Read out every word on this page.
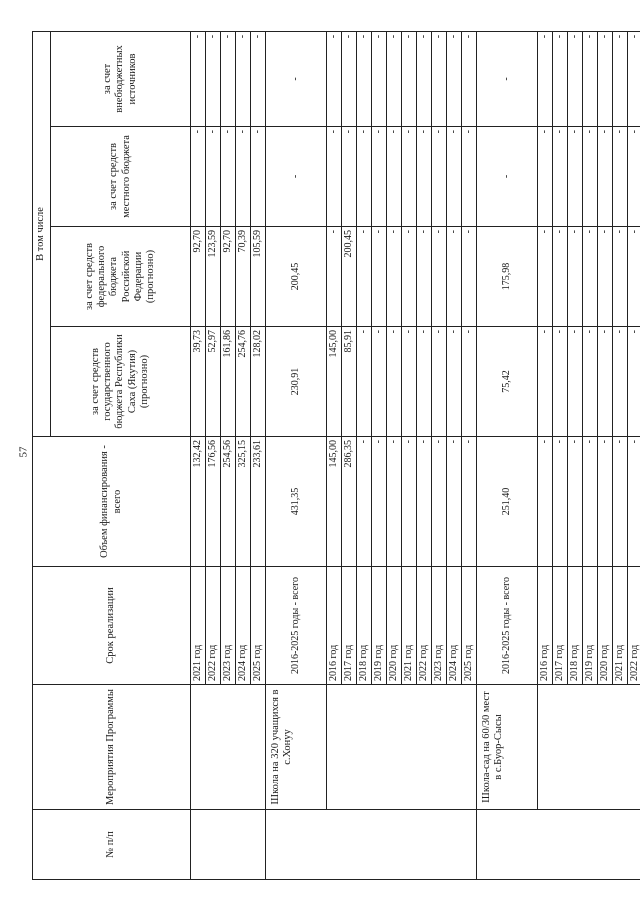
57
№ п/п	Мероприятия Программы	Срок реализации	Объем финансирования - всего	В том числе			
				за счет средств государственного бюджета Республики Саха (Якутия) (прогнозно)	за счет средств федерального бюджета Российской Федерации (прогнозно)	за счет средств местного бюджета	за счет внебюджетных источников
		2021 год	132,42	39,73	92,70	-	-
		2022 год	176,56	52,97	123,59	-	-
		2023 год	254,56	161,86	92,70	-	-
		2024 год	325,15	254,76	70,39	-	-
		2025 год	233,61	128,02	105,59	-	-
	Школа на 320 учащихся в с.Хонуу	2016-2025 годы - всего	431,35	230,91	200,45	-	-
		2016 год	145,00	145,00	-	-	-
		2017 год	286,35	85,91	200,45	-	-
		2018 год	-	-	-	-	-
		2019 год	-	-	-	-	-
		2020 год	-	-	-	-	-
		2021 год	-	-	-	-	-
		2022 год	-	-	-	-	-
		2023 год	-	-	-	-	-
		2024 год	-	-	-	-	-
		2025 год	-	-	-	-	-
	Школа-сад на 60/30 мест в с.Буор-Сысы	2016-2025 годы - всего	251,40	75,42	175,98	-	-
		2016 год	-	-	-	-	-
		2017 год	-	-	-	-	-
		2018 год	-	-	-	-	-
		2019 год	-	-	-	-	-
		2020 год	-	-	-	-	-
		2021 год	-	-	-	-	-
		2022 год	-	-	-	-	-
